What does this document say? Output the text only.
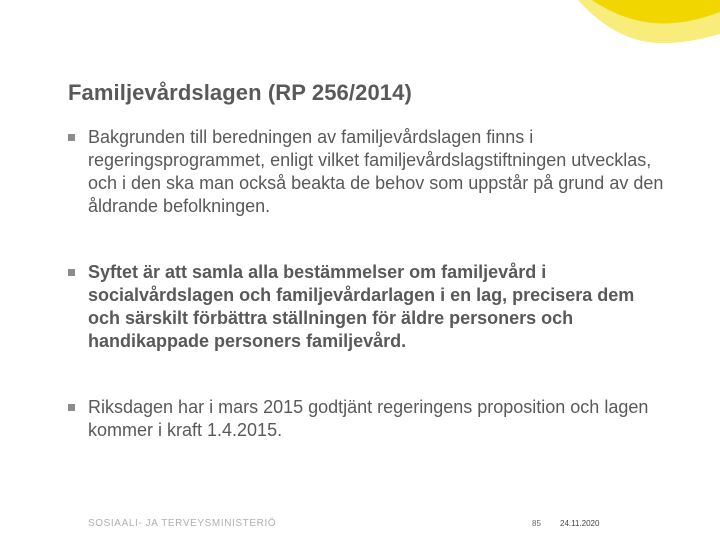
Familjevårdslagen (RP 256/2014)
Bakgrunden till beredningen av familjevårdslagen finns i regeringsprogrammet, enligt vilket familjevårdslagstiftningen utvecklas, och i den ska man också beakta de behov som uppstår på grund av den åldrande befolkningen.
Syftet är att samla alla bestämmelser om familjevård i socialvårdslagen och familjevårdarlagen i en lag, precisera dem och särskilt förbättra ställningen för äldre personers och handikappade personers familjevård.
Riksdagen har i mars 2015 godtjänt regeringens proposition och lagen kommer i kraft 1.4.2015.
SOSIAALI- JA TERVEYSMINISTERIÖ	85 24.11.2020
